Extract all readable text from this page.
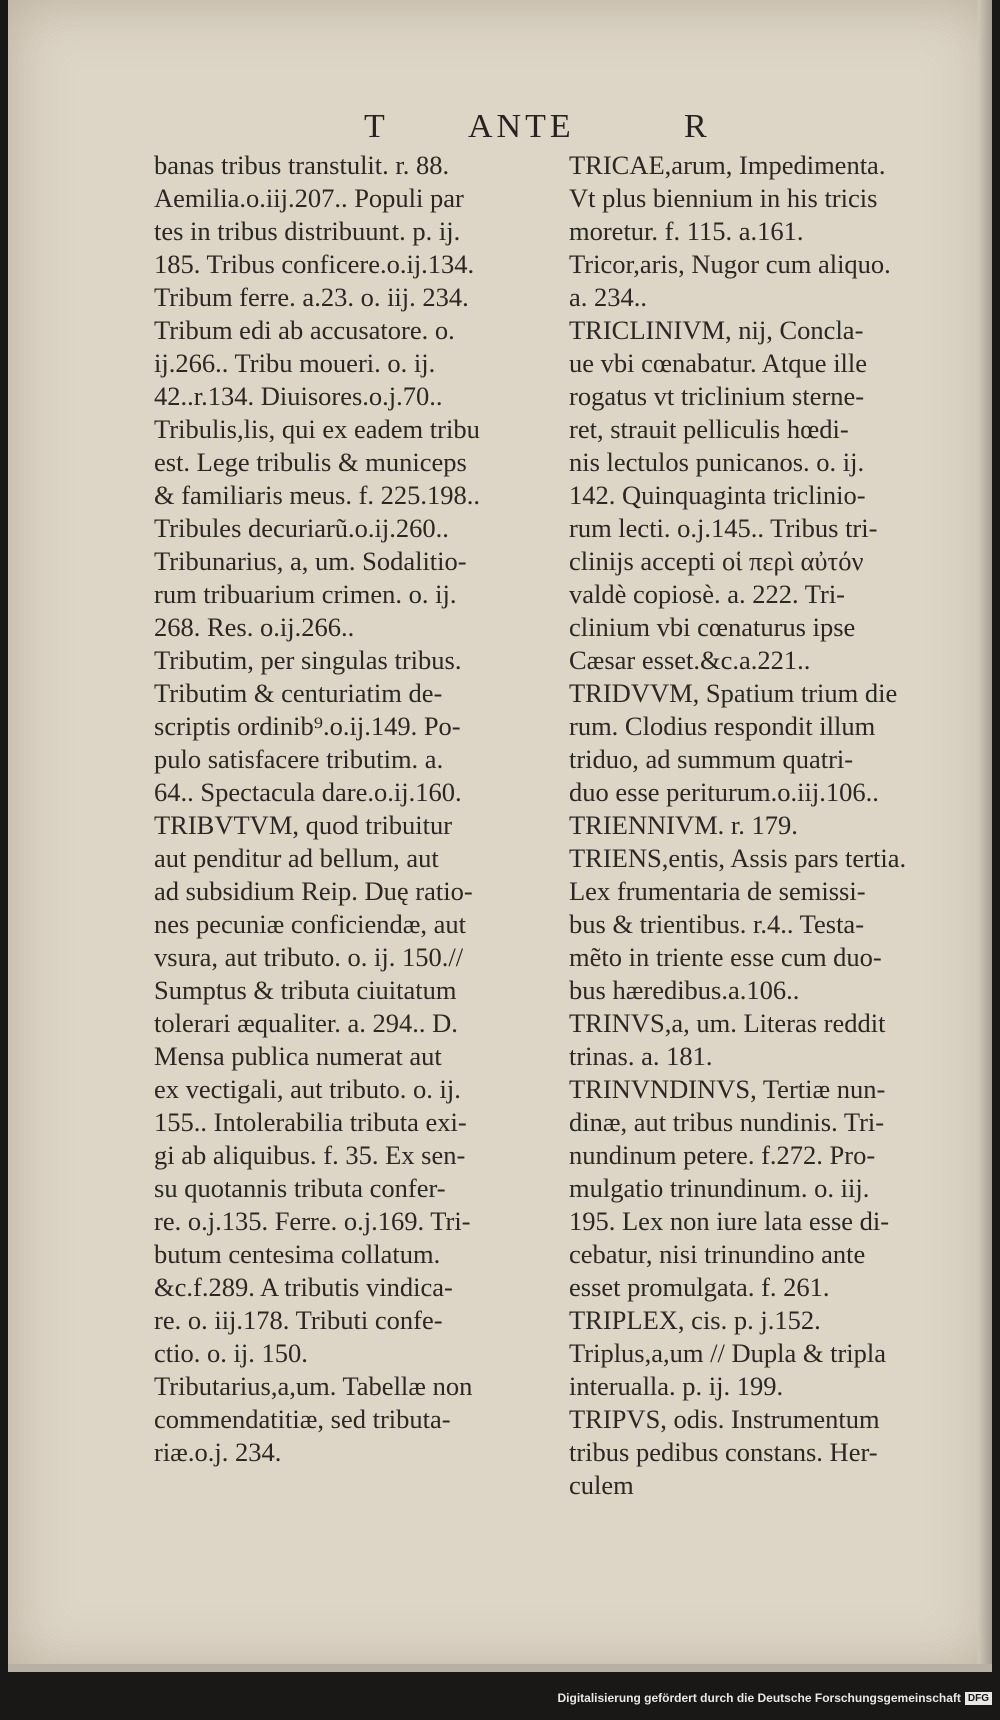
T ANTE	R
banas tribus transtulit. r. 88.
Aemilia.o.iij.207.. Populi par
tes in tribus distribuunt. p. ij.
185. Tribus conficere.o.ij.134.
Tribum ferre. a.23. o. iij. 234.
Tribum edi ab accusatore. o.
ij.266.. Tribu moueri. o. ij.
42..r.134. Diuisores.o.j.70..
Tribulis,lis, qui ex eadem tribu
est. Lege tribulis & municeps
& familiaris meus. f. 225.198..
Tribules decuriarũ.o.ij.260..
Tribunarius, a, um. Sodalitio-
rum tribuarium crimen. o. ij.
268. Res. o.ij.266..
Tributim, per singulas tribus.
Tributim & centuriatim de-
scriptis ordinib⁹.o.ij.149. Po-
pulo satisfacere tributim. a.
64.. Spectacula dare.o.ij.160.
TRIBVTVM, quod tribuitur
aut penditur ad bellum, aut
ad subsidium Reip. Duę ratio-
nes pecuniæ conficiendæ, aut
vsura, aut tributo. o. ij. 150.//
Sumptus & tributa ciuitatum
tolerari æqualiter. a. 294.. D.
Mensa publica numerat aut
ex vectigali, aut tributo. o. ij.
155.. Intolerabilia tributa exi-
gi ab aliquibus. f. 35. Ex sen-
su quotannis tributa confer-
re. o.j.135. Ferre. o.j.169. Tri-
butum centesima collatum.
&c.f.289. A tributis vindica-
re. o. iij.178. Tributi confe-
ctio. o. ij. 150.
Tributarius,a,um. Tabellæ non
commendatitiæ, sed tributa-
riæ.o.j. 234.
TRICAE,arum, Impedimenta.
Vt plus biennium in his tricis
moretur. f. 115. a.161.
Tricor,aris, Nugor cum aliquo.
a. 234..
TRICLINIVM, nij, Concla-
ue vbi cœnabatur. Atque ille
rogatus vt triclinium sterne-
ret, strauit pelliculis hœdi-
nis lectulos punicanos. o. ij.
142. Quinquaginta triclinio-
rum lecti. o.j.145.. Tribus tri-
clinijs accepti οἱ περὶ αὐτόν
valdè copiosè. a. 222. Tri-
clinium vbi cœnaturus ipse
Cæsar esset.&c.a.221..
TRIDVVM, Spatium trium die
rum. Clodius respondit illum
triduo, ad summum quatri-
duo esse periturum.o.iij.106..
TRIENNIVM. r. 179.
TRIENS,entis, Assis pars tertia.
Lex frumentaria de semissi-
bus & trientibus. r.4.. Testa-
mẽto in triente esse cum duo-
bus hæredibus.a.106..
TRINVS,a, um. Literas reddit
trinas. a. 181.
TRINVNDINVS, Tertiæ nun-
dinæ, aut tribus nundinis. Tri-
nundinum petere. f.272. Pro-
mulgatio trinundinum. o. iij.
195. Lex non iure lata esse di-
cebatur, nisi trinundino ante
esset promulgata. f. 261.
TRIPLEX, cis. p. j.152.
Triplus,a,um // Dupla & tripla
interualla. p. ij. 199.
TRIPVS, odis. Instrumentum
tribus pedibus constans. Her-
culem
Digitalisierung gefördert durch die Deutsche Forschungsgemeinschaft DFG
